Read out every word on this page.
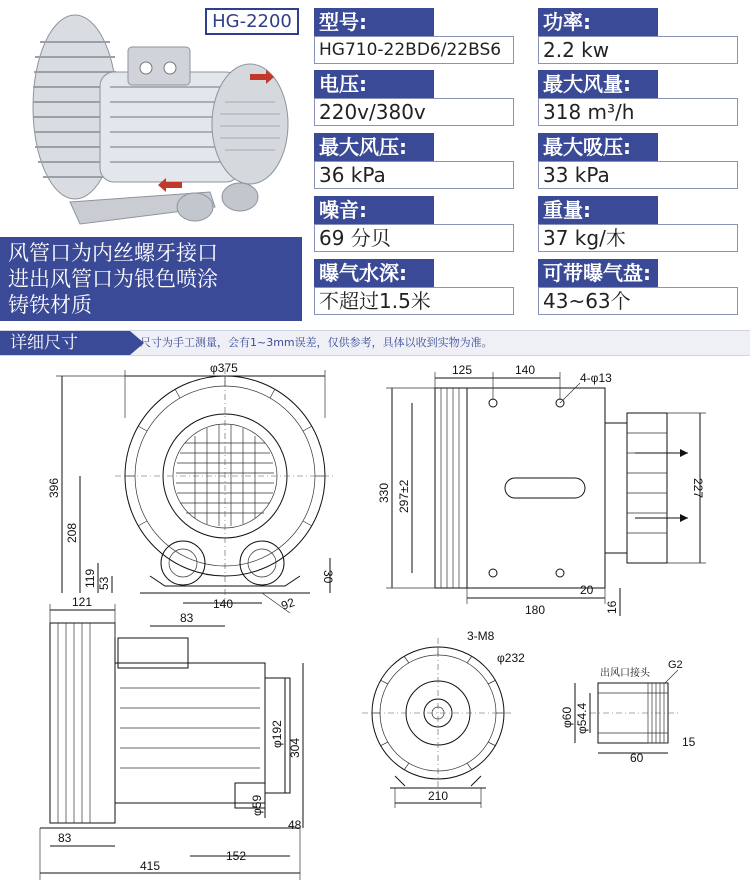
HG-2200
风管口为内丝螺牙接口
进出风管口为银色喷涂
铸铁材质
型号:
HG710-22BD6/22BS6
功率:
2.2 kw
电压:
220v/380v
最大风量:
318 m³/h
最大风压:
36 kPa
最大吸压:
33 kPa
噪音:
69 分贝
重量:
37 kg/木
曝气水深:
不超过1.5米
可带曝气盘:
43~63个
详细尺寸	尺寸为手工测量，会有1~3mm误差，仅供参考，具体以收到实物为准。
φ375
396
208
119 53	30
140
83
92
125	140
4-φ13
330 297±2	227
180
20
16
121
φ192 304
φ59
48
83
152
415
3-M8
φ232
210
出风口接头
G2
φ60 φ54.4
60
15
